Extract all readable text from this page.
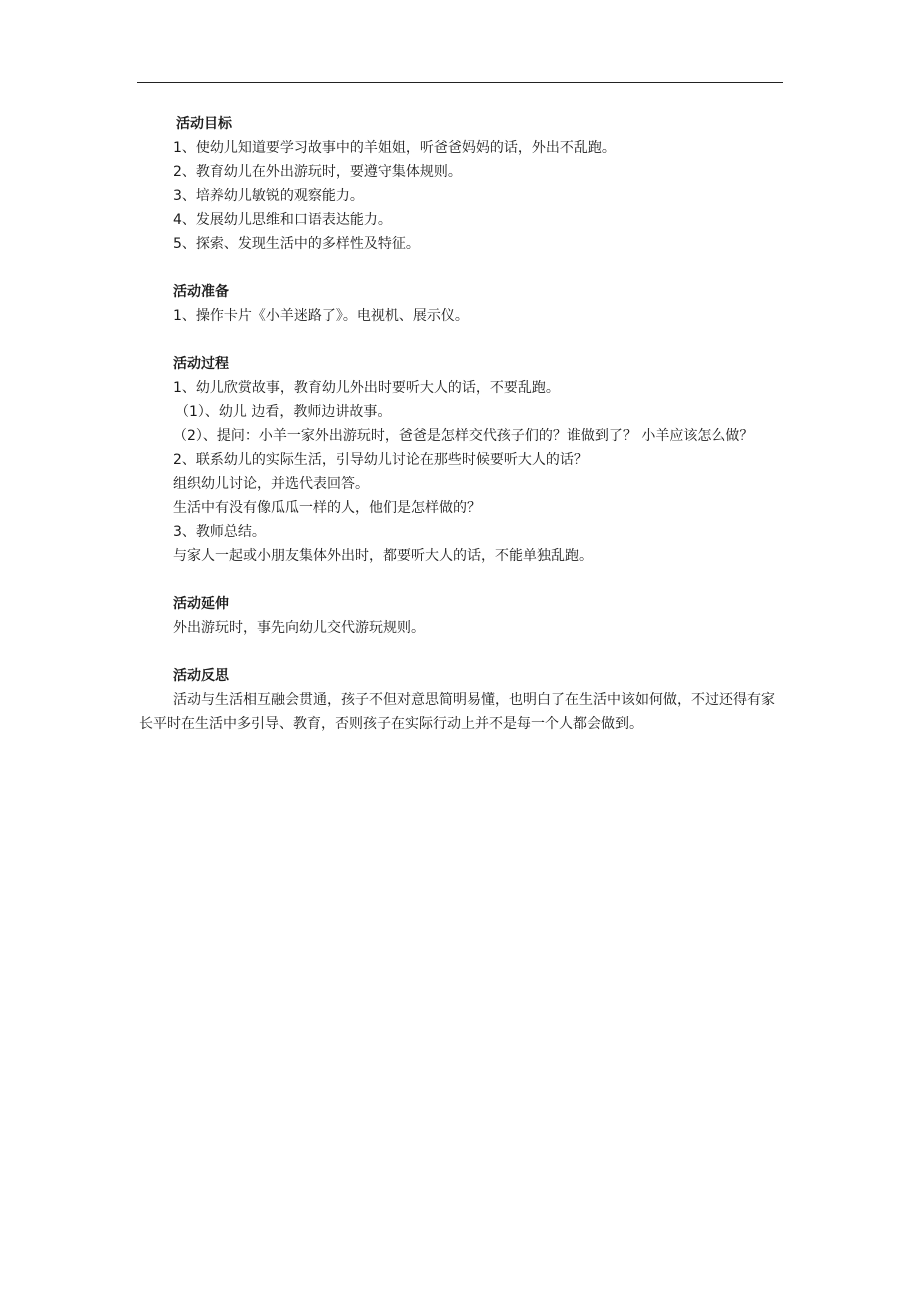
活动目标

1、使幼儿知道要学习故事中的羊姐姐，听爸爸妈妈的话，外出不乱跑。

2、教育幼儿在外出游玩时，要遵守集体规则。

3、培养幼儿敏锐的观察能力。

4、发展幼儿思维和口语表达能力。

5、探索、发现生活中的多样性及特征。

活动准备

1、操作卡片《小羊迷路了》。电视机、展示仪。

活动过程

1、幼儿欣赏故事，教育幼儿外出时要听大人的话，不要乱跑。

（1）、幼儿 边看，教师边讲故事。

（2）、提问：小羊一家外出游玩时，爸爸是怎样交代孩子们的？谁做到了？ 小羊应该怎么做？

2、联系幼儿的实际生活，引导幼儿讨论在那些时候要听大人的话？

组织幼儿讨论，并选代表回答。

生活中有没有像瓜瓜一样的人，他们是怎样做的？

3、教师总结。

与家人一起或小朋友集体外出时，都要听大人的话，不能单独乱跑。

活动延伸

外出游玩时，事先向幼儿交代游玩规则。

活动反思

活动与生活相互融会贯通，孩子不但对意思简明易懂，也明白了在生活中该如何做，不过还得有家长平时在生活中多引导、教育，否则孩子在实际行动上并不是每一个人都会做到。
